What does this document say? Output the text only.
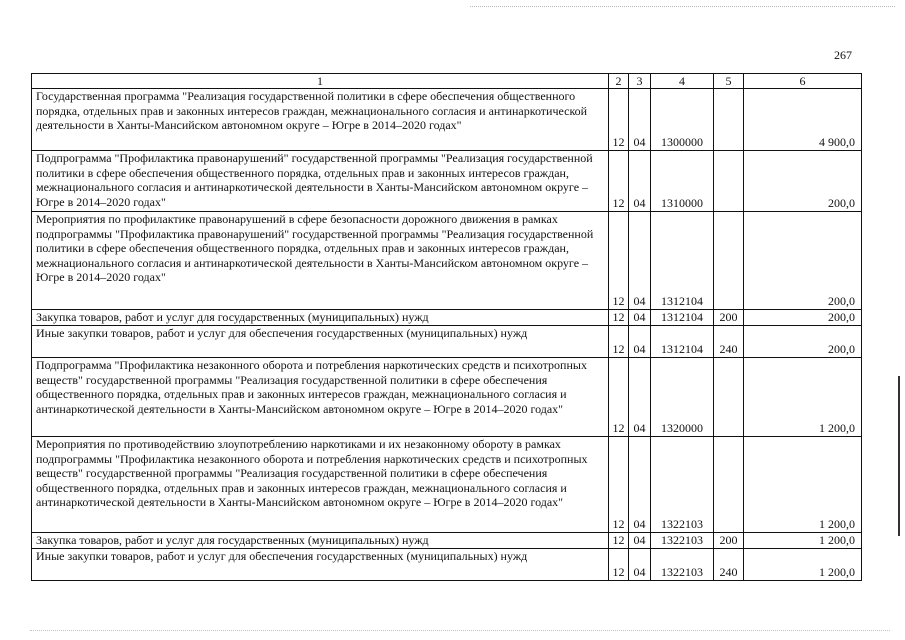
267
1	2	3	4	5	6
Государственная программа "Реализация государственной политики в сфере обеспечения общественного порядка, отдельных прав и законных интересов граждан, межнационального согласия и антинаркотической деятельности в Ханты-Мансийском автономном округе – Югре в 2014–2020 годах"	12	04	1300000		4 900,0
Подпрограмма "Профилактика правонарушений" государственной программы "Реализация государственной политики в сфере обеспечения общественного порядка, отдельных прав и законных интересов граждан, межнационального согласия и антинаркотической деятельности в Ханты-Мансийском автономном округе – Югре в 2014–2020 годах"	12	04	1310000		200,0
Мероприятия по профилактике правонарушений в сфере безопасности дорожного движения в рамках подпрограммы "Профилактика правонарушений" государственной программы "Реализация государственной политики в сфере обеспечения общественного порядка, отдельных прав и законных интересов граждан, межнационального согласия и антинаркотической деятельности в Ханты-Мансийском автономном округе – Югре в 2014–2020 годах"	12	04	1312104		200,0
Закупка товаров, работ и услуг для государственных (муниципальных) нужд	12	04	1312104	200	200,0
Иные закупки товаров, работ и услуг для обеспечения государственных (муниципальных) нужд	12	04	1312104	240	200,0
Подпрограмма "Профилактика незаконного оборота и потребления наркотических средств и психотропных веществ" государственной программы "Реализация государственной политики в сфере обеспечения общественного порядка, отдельных прав и законных интересов граждан, межнационального согласия и антинаркотической деятельности в Ханты-Мансийском автономном округе – Югре в 2014–2020 годах"	12	04	1320000		1 200,0
Мероприятия по противодействию злоупотреблению наркотиками и их незаконному обороту в рамках подпрограммы "Профилактика незаконного оборота и потребления наркотических средств и психотропных веществ" государственной программы "Реализация государственной политики в сфере обеспечения общественного порядка, отдельных прав и законных интересов граждан, межнациональногo согласия и антинаркотической деятельности в Ханты-Мансийском автономном округе – Югре в 2014–2020 годах"	12	04	1322103		1 200,0
Закупка товаров, работ и услуг для государственных (муниципальных) нужд	12	04	1322103	200	1 200,0
Иные закупки товаров, работ и услуг для обеспечения государственных (муниципальных) нужд	12	04	1322103	240	1 200,0
